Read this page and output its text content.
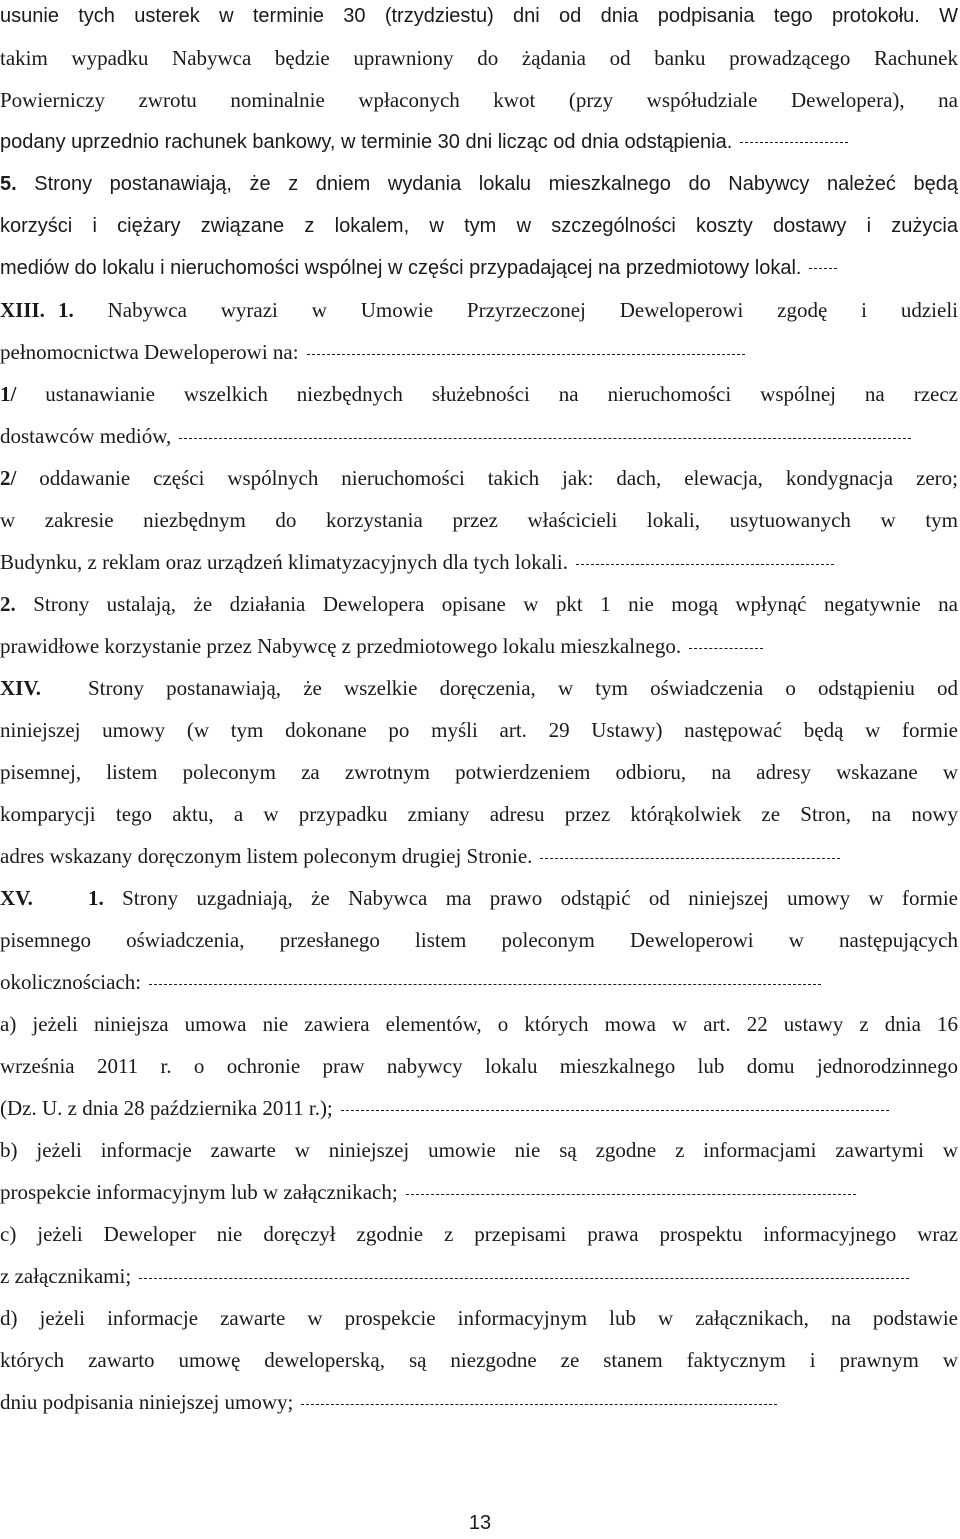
usunie tych usterek w terminie 30 (trzydziestu) dni od dnia podpisania tego protokołu. W
takim wypadku Nabywca będzie uprawniony do żądania od banku prowadzącego Rachunek
Powierniczy zwrotu nominalnie wpłaconych kwot (przy współudziale Dewelopera), na
podany uprzednio rachunek bankowy, w terminie 30 dni licząc od dnia odstąpienia.
5. Strony postanawiają, że z dniem wydania lokalu mieszkalnego do Nabywcy należeć będą
korzyści i ciężary związane z lokalem, w tym w szczególności koszty dostawy i zużycia
mediów do lokalu i nieruchomości wspólnej w części przypadającej na przedmiotowy lokal.
XIII. 1. Nabywca wyrazi w Umowie Przyrzeczonej Deweloperowi zgodę i udzieli
pełnomocnictwa Deweloperowi na:
1/ ustanawianie wszelkich niezbędnych służebności na nieruchomości wspólnej na rzecz
dostawców mediów,
2/ oddawanie części wspólnych nieruchomości takich jak: dach, elewacja, kondygnacja zero;
w zakresie niezbędnym do korzystania przez właścicieli lokali, usytuowanych w tym
Budynku, z reklam oraz urządzeń klimatyzacyjnych dla tych lokali.
2. Strony ustalają, że działania Dewelopera opisane w pkt 1 nie mogą wpłynąć negatywnie na
prawidłowe korzystanie przez Nabywcę z przedmiotowego lokalu mieszkalnego.
XIV. Strony postanawiają, że wszelkie doręczenia, w tym oświadczenia o odstąpieniu od
niniejszej umowy (w tym dokonane po myśli art. 29 Ustawy) następować będą w formie
pisemnej, listem poleconym za zwrotnym potwierdzeniem odbioru, na adresy wskazane w
komparycji tego aktu, a w przypadku zmiany adresu przez którąkolwiek ze Stron, na nowy
adres wskazany doręczonym listem poleconym drugiej Stronie.
XV.	1. Strony uzgadniają, że Nabywca ma prawo odstąpić od niniejszej umowy w formie
pisemnego oświadczenia, przesłanego listem poleconym Deweloperowi w następujących
okolicznościach:
a) jeżeli niniejsza umowa nie zawiera elementów, o których mowa w art. 22 ustawy z dnia 16
września 2011 r. o ochronie praw nabywcy lokalu mieszkalnego lub domu jednorodzinnego
(Dz. U. z dnia 28 października 2011 r.);
b) jeżeli informacje zawarte w niniejszej umowie nie są zgodne z informacjami zawartymi w
prospekcie informacyjnym lub w załącznikach;
c) jeżeli Deweloper nie doręczył zgodnie z przepisami prawa prospektu informacyjnego wraz
z załącznikami;
d) jeżeli informacje zawarte w prospekcie informacyjnym lub w załącznikach, na podstawie
których zawarto umowę deweloperską, są niezgodne ze stanem faktycznym i prawnym w
dniu podpisania niniejszej umowy;
13
